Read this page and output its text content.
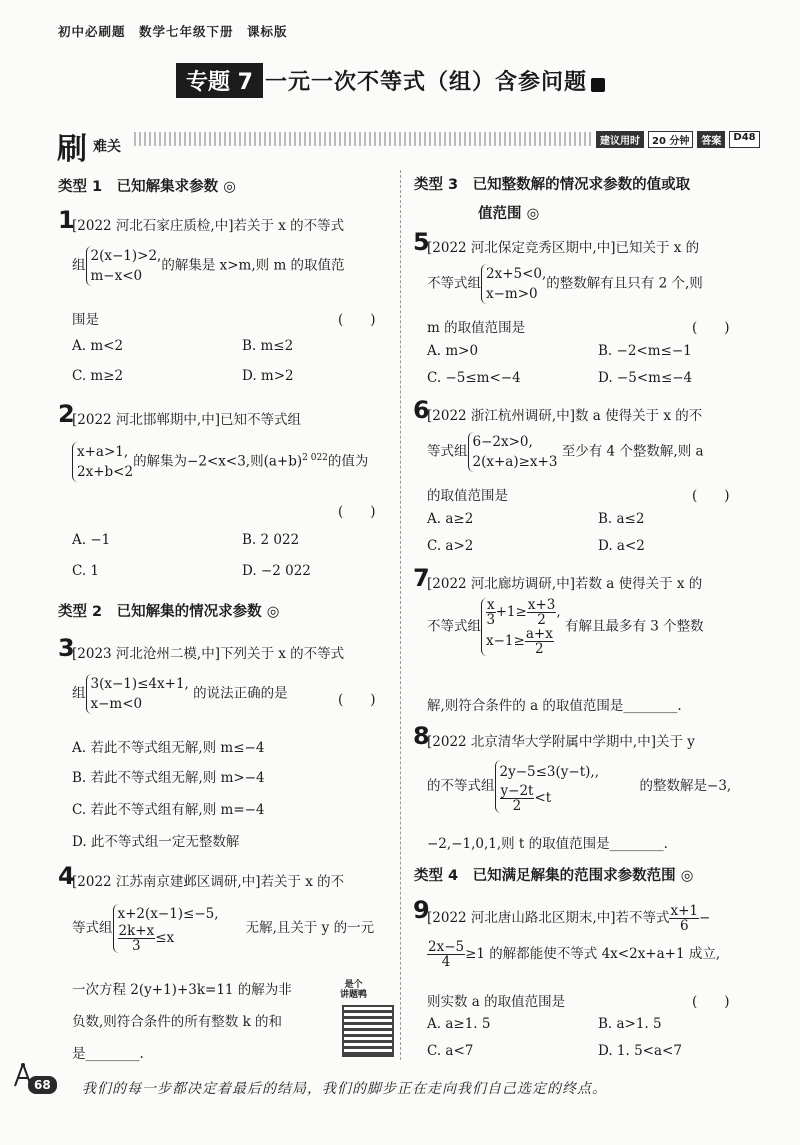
初中必刷题　数学七年级下册　课标版
专题 7 一元一次不等式（组）含参问题
刷 难关	建议用时	20 分钟	答案	D48
类型 1　已知解集求参数 ◎
1
[2022 河北石家庄质检,中]若关于 x 的不等式
组2(x−1)>2,
m−x<0的解集是 x>m,则 m 的取值范
围是	(　　)
A. m<2	B. m≤2
C. m≥2	D. m>2
2
[2022 河北邯郸期中,中]已知不等式组
x+a>1,
2x+b<2的解集为−2<x<3,则$(a+b)^{2 022}$的值为
(　　)
A. −1	B. 2 022
C. 1	D. −2 022
类型 2　已知解集的情况求参数 ◎
3
[2023 河北沧州二模,中]下列关于 x 的不等式
组3(x−1)≤4x+1,
x−m<0 的说法正确的是	(　　)
A. 若此不等式组无解,则 m≤−4
B. 若此不等式组无解,则 m>−4
C. 若此不等式组有解,则 m=−4
D. 此不等式组一定无整数解
4
[2022 江苏南京建邺区调研,中]若关于 x 的不
等式组x+2(x−1)≤−5,

$\frac{2k+x}{3} \le x$　　无解,且关于 y 的一元
一次方程 2(y+1)+3k=11 的解为非
负数,则符合条件的所有整数 k 的和
是________.
是个
讲题鸭
类型 3　已知整数解的情况求参数的值或取
值范围 ◎
5
[2022 河北保定竞秀区期中,中]已知关于 x 的
不等式组2x+5<0,
x−m>0的整数解有且只有 2 个,则
m 的取值范围是	(　　)
A. m>0	B. −2<m≤−1
C. −5≤m<−4	D. −5<m≤−4
6
[2022 浙江杭州调研,中]数 a 使得关于 x 的不
等式组6−2x>0,
2(x+a)≥x+3 至少有 4 个整数解,则 a
的取值范围是	(　　)
A. a≥2	B. a≤2
C. a>2	D. a<2
7
[2022 河北廊坊调研,中]若数 a 使得关于 x 的
不等式组 $\frac{x}{3} +1\ge \frac{x+3}{2}$ ,
$x-1\ge \frac{a+x}{2}$
有解且最多有 3 个整数
解,则符合条件的 a 的取值范围是________.
8
[2022 北京清华大学附属中学期中,中]关于 y
的不等式组2y−5≤3(y−t),,

$\frac{y-2t}{2} <t$　　　的整数解是−3,
−2,−1,0,1,则 t 的取值范围是________.
类型 4　已知满足解集的范围求参数范围 ◎
9
[2022 河北唐山路北区期末,中]若不等式 $\frac{x+1}{6}$ −
$\frac{2x-5}{4} \ge 1$ 的解都能使不等式 4x<2x+a+1 成立,
则实数 a 的取值范围是	(　　)
A. a≥1. 5	B. a>1. 5
C. a<7	D. 1. 5<a<7
68	我们的每一步都决定着最后的结局，我们的脚步正在走向我们自己选定的终点。
